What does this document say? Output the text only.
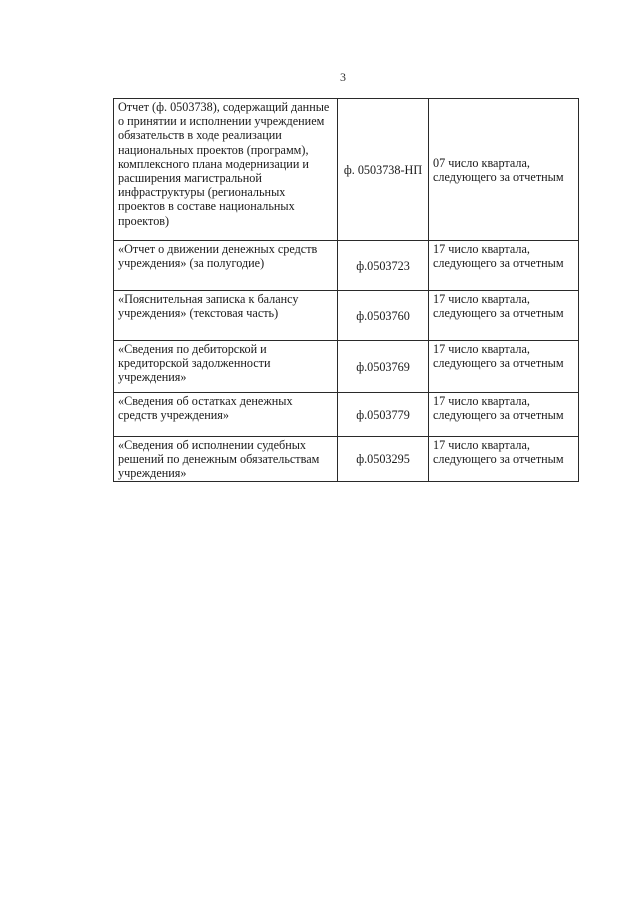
3
Отчет (ф. 0503738), содержащий данные о принятии и исполнении учреждением обязательств в ходе реализации национальных проектов (программ), комплексного плана модернизации и расширения магистральной инфраструктуры (региональных проектов в составе национальных проектов)	ф. 0503738-НП	07 число квартала, следующего за отчетным

«Отчет о движении денежных средств учреждения» (за полугодие)	ф.0503723	17 число квартала, следующего за отчетным

«Пояснительная записка к балансу учреждения» (текстовая часть)	ф.0503760	17 число квартала, следующего за отчетным

«Сведения по дебиторской и кредиторской задолженности учреждения»	ф.0503769	17 число квартала, следующего за отчетным

«Сведения об остатках денежных средств учреждения»	ф.0503779	17 число квартала, следующего за отчетным

«Сведения об исполнении судебных решений по денежным обязательствам учреждения»	ф.0503295	17 число квартала, следующего за отчетным
